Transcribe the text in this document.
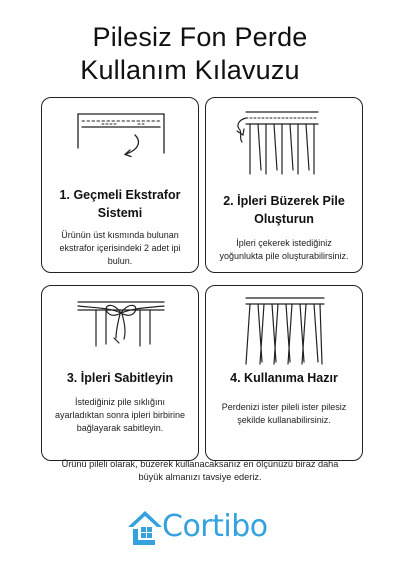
Pilesiz Fon Perde
Kullanım Kılavuzu
1. Geçmeli Ekstrafor
Sistemi
Ürünün üst kısmında bulunan
ekstrafor içerisindeki 2 adet ipi
bulun.
2. İpleri Büzerek Pile
Oluşturun
İpleri çekerek istediğiniz
yoğunlukta pile oluşturabilirsiniz.
3. İpleri Sabitleyin
İstediğiniz pile sıklığını
ayarladıktan sonra ipleri birbirine
bağlayarak sabitleyin.
4. Kullanıma Hazır
Perdenizi ister pileli ister pilesiz
şekilde kullanabilirsiniz.
Ürünü pileli olarak, büzerek kullanacaksanız en ölçünüzü biraz daha
büyük almanızı tavsiye ederiz.
Cortibo
